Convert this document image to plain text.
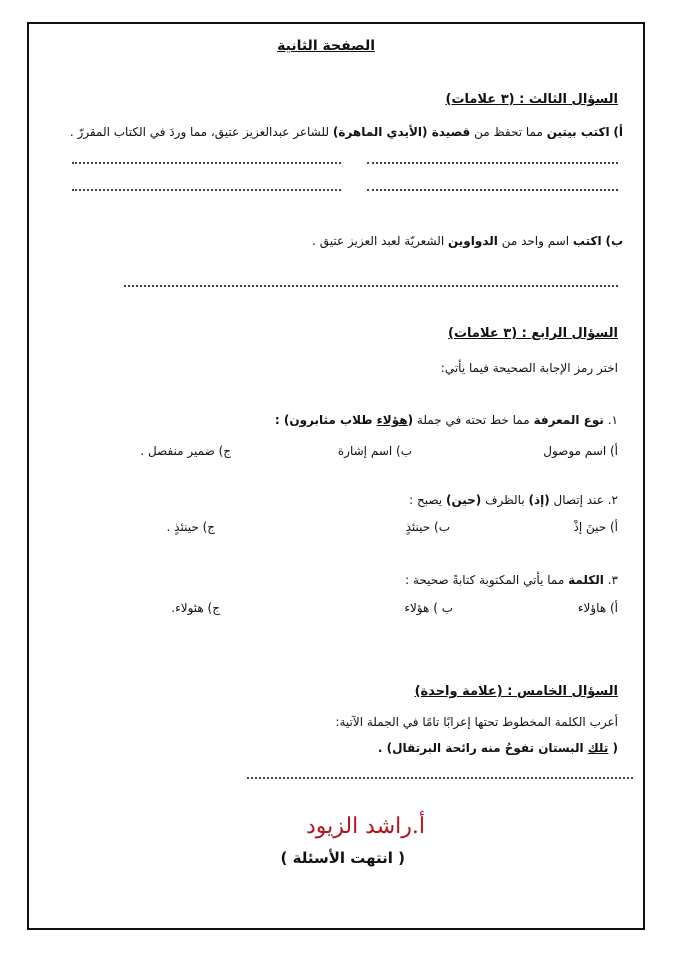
الصفحة الثانية
السؤال الثالث : (٣ علامات)
أ) اكتب بيتين مما تحفظ من قصيدة (الأيدي الماهرة) للشاعر عبدالعزيز عتيق، مما وردَ في الكتاب المقررّ .
ب) اكتب اسم واحد من الدواوين الشعريّة لعبد العزيز عتيق .
السؤال الرابع : (٣ علامات)
اختر رمز الإجابة الصحيحة فيما يأتي:
١. نوع المعرفة مما خط تحته في جملة (هؤلاء طلاب مثابرون) :
أ) اسم موصول
ب) اسم إشارة
ج) ضمير منفصل .
٢. عند إتصال (إذ) بالظرف (حين) يصبح :
أ) حينَ إذْ
ب) حينئذٍ
ج) حينئذٍ .
٣. الكلمة مما يأتي المكتوبة كتابةً صحيحة :
أ) هاؤلاء
ب ) هؤلاء
ج) هئولاء.
السؤال الخامس : (علامة واحدة)
أعرب الكلمة المخطوط تحتها إعرابًا تامًا في الجملة الآتية:
( تلك البستان تفوحُ منه رائحة البرتقال) .
أ.راشد الزيود
( انتهت الأسئلة )
